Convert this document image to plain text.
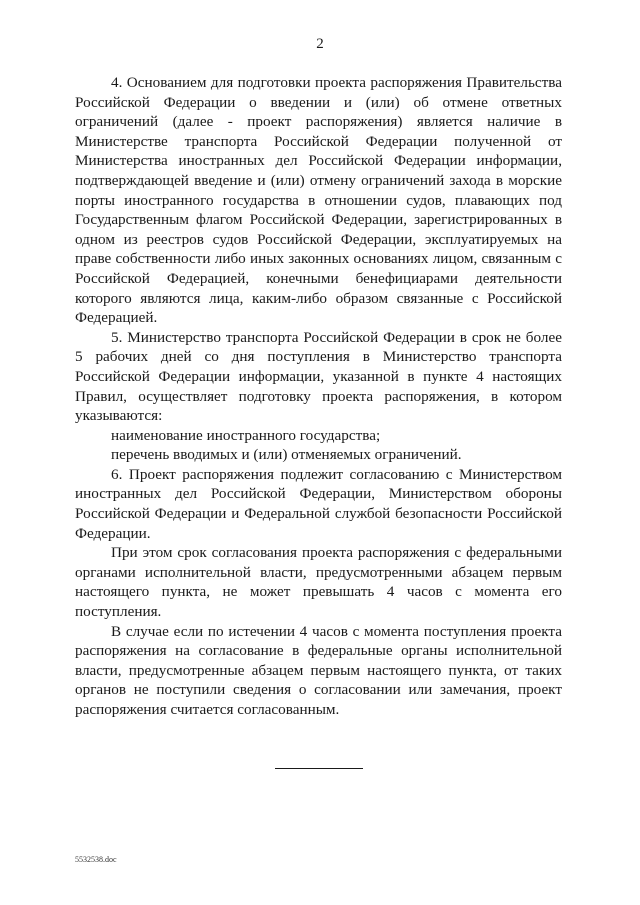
2

4. Основанием для подготовки проекта распоряжения Правительства Российской Федерации о введении и (или) об отмене ответных ограничений (далее - проект распоряжения) является наличие в Министерстве транспорта Российской Федерации полученной от Министерства иностранных дел Российской Федерации информации, подтверждающей введение и (или) отмену ограничений захода в морские порты иностранного государства в отношении судов, плавающих под Государственным флагом Российской Федерации, зарегистрированных в одном из реестров судов Российской Федерации, эксплуатируемых на праве собственности либо иных законных основаниях лицом, связанным с Российской Федерацией, конечными бенефициарами деятельности которого являются лица, каким-либо образом связанные с Российской Федерацией.

5. Министерство транспорта Российской Федерации в срок не более 5 рабочих дней со дня поступления в Министерство транспорта Российской Федерации информации, указанной в пункте 4 настоящих Правил, осуществляет подготовку проекта распоряжения, в котором указываются:

наименование иностранного государства;

перечень вводимых и (или) отменяемых ограничений.

6. Проект распоряжения подлежит согласованию с Министерством иностранных дел Российской Федерации, Министерством обороны Российской Федерации и Федеральной службой безопасности Российской Федерации.

При этом срок согласования проекта распоряжения с федеральными органами исполнительной власти, предусмотренными абзацем первым настоящего пункта, не может превышать 4 часов с момента его поступления.

В случае если по истечении 4 часов с момента поступления проекта распоряжения на согласование в федеральные органы исполнительной власти, предусмотренные абзацем первым настоящего пункта, от таких органов не поступили сведения о согласовании или замечания, проект распоряжения считается согласованным.

5532538.doc
